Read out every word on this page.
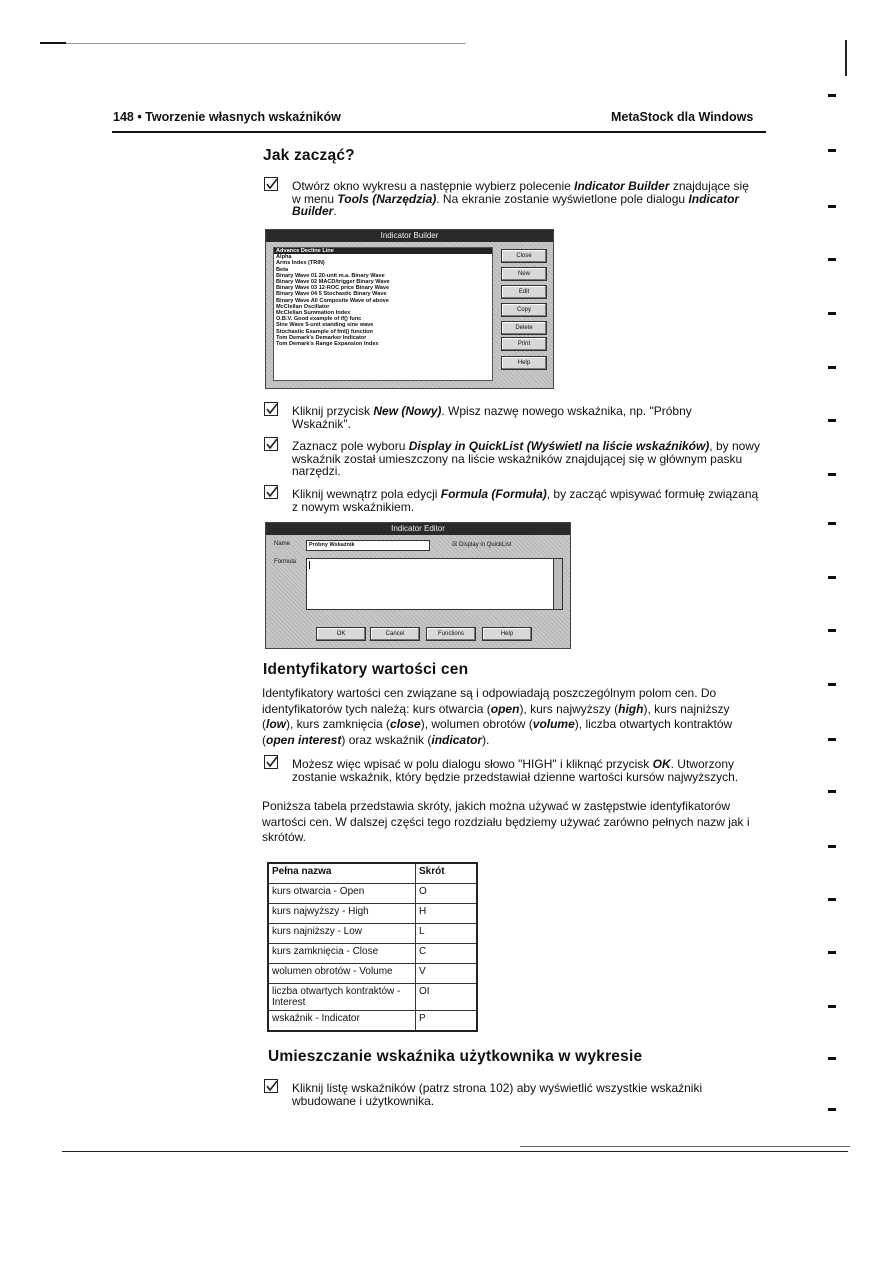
148 • Tworzenie własnych wskaźników	MetaStock dla Windows
Jak zacząć?
Otwórz okno wykresu a następnie wybierz polecenie Indicator Builder znajdujące się w menu Tools (Narzędzia). Na ekranie zostanie wyświetlone pole dialogu Indicator Builder.
Indicator Builder
Advance Decline Line
Alpha
Arms Index (TRIN)
Beta
Binary Wave 01 20-unit m.a. Binary Wave
Binary Wave 02 MACD/trigger Binary Wave
Binary Wave 03 12-ROC price Binary Wave
Binary Wave 04 5 Stochastic Binary Wave
Binary Wave All Composite Wave of above
McClellan Oscillator
McClellan Summation Index
O.B.V. Good example of if() func
Sine Wave 5-unit standing sine wave
Stochastic Example of fml() function
Tom Demark's Demarker Indicator
Tom Demark's Range Expansion Index
Close
New
Edit
Copy
Delete
Print
Help
Kliknij przycisk New (Nowy). Wpisz nazwę nowego wskaźnika, np. "Próbny Wskaźnik".
Zaznacz pole wyboru Display in QuickList (Wyświetl na liście wskaźników), by nowy wskaźnik został umieszczony na liście wskaźników znajdującej się w głównym pasku narzędzi.
Kliknij wewnątrz pola edycji Formula (Formuła), by zacząć wpisywać formułę związaną z nowym wskaźnikiem.
Indicator Editor
Name	Próbny Wskaźnik	☒ Display in QuickList
Formula
OK	Cancel	Functions	Help
Identyfikatory wartości cen
Identyfikatory wartości cen związane są i odpowiadają poszczególnym polom cen. Do identyfikatorów tych należą: kurs otwarcia (open), kurs najwyższy (high), kurs najniższy (low), kurs zamknięcia (close), wolumen obrotów (volume), liczba otwartych kontraktów (open interest) oraz wskaźnik (indicator).
Możesz więc wpisać w polu dialogu słowo "HIGH" i kliknąć przycisk OK. Utworzony zostanie wskaźnik, który będzie przedstawiał dzienne wartości kursów najwyższych.
Poniższa tabela przedstawia skróty, jakich można używać w zastępstwie identyfikatorów wartości cen. W dalszej części tego rozdziału będziemy używać zarówno pełnych nazw jak i skrótów.
Pełna nazwa	Skrót
kurs otwarcia - Open	O
kurs najwyższy - High	H
kurs najniższy - Low	L
kurs zamknięcia - Close	C
wolumen obrotów - Volume	V
liczba otwartych kontraktów - Interest	OI
wskaźnik - Indicator	P
Umieszczanie wskaźnika użytkownika w wykresie
Kliknij listę wskaźników (patrz strona 102) aby wyświetlić wszystkie wskaźniki wbudowane i użytkownika.
